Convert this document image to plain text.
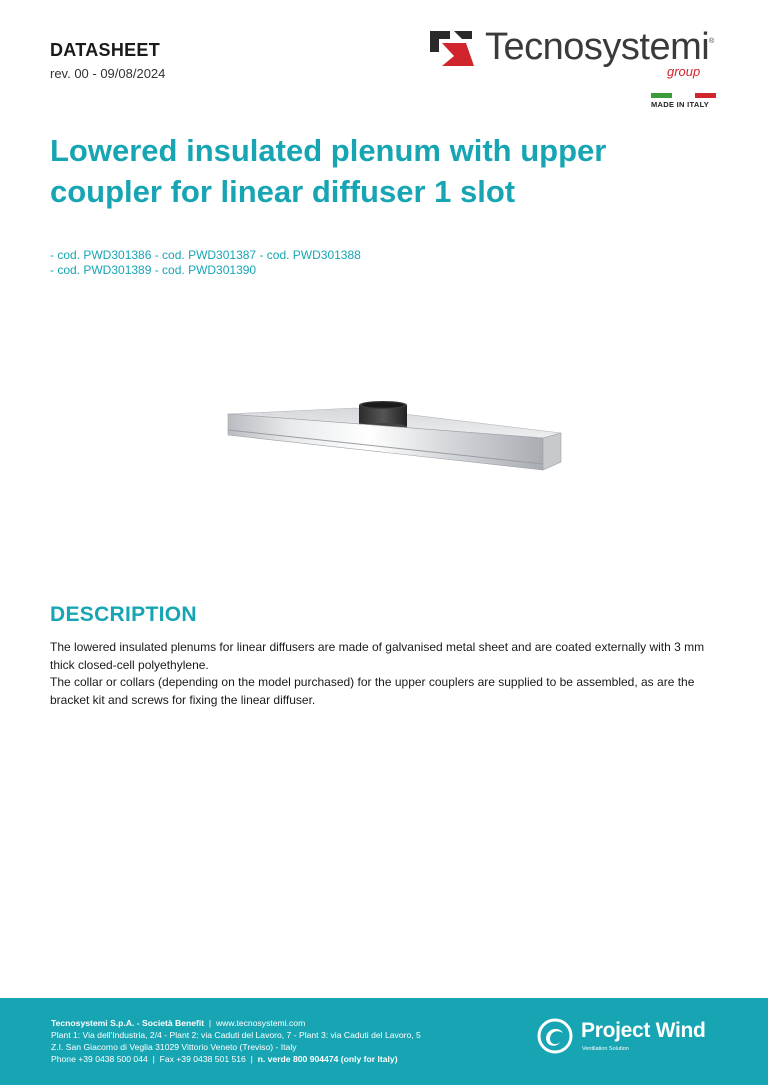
DATASHEET
rev. 00 - 09/08/2024
Tecnosystemi ®
group
MADE IN ITALY
Lowered insulated plenum with upper
coupler for linear diffuser 1 slot
- cod. PWD301386 - cod. PWD301387 - cod. PWD301388
- cod. PWD301389 - cod. PWD301390
DESCRIPTION

The lowered insulated plenums for linear diffusers are made of galvanised metal sheet and are coated externally with 3 mm thick closed-cell polyethylene.

The collar or collars (depending on the model purchased) for the upper couplers are supplied to be assembled, as are the bracket kit and screws for fixing the linear diffuser.

Tecnosystemi S.p.A. - Società Benefit | www.tecnosystemi.com
Plant 1: Via dell'Industria, 2/4 - Plant 2: via Caduti del Lavoro, 7 - Plant 3: via Caduti del Lavoro, 5
Z.I. San Giacomo di Veglia 31029 Vittorio Veneto (Treviso) - Italy
Phone +39 0438 500 044 | Fax +39 0438 501 516 | n. verde 800 904474 (only for Italy)
Project Wind
Ventilation Solution
